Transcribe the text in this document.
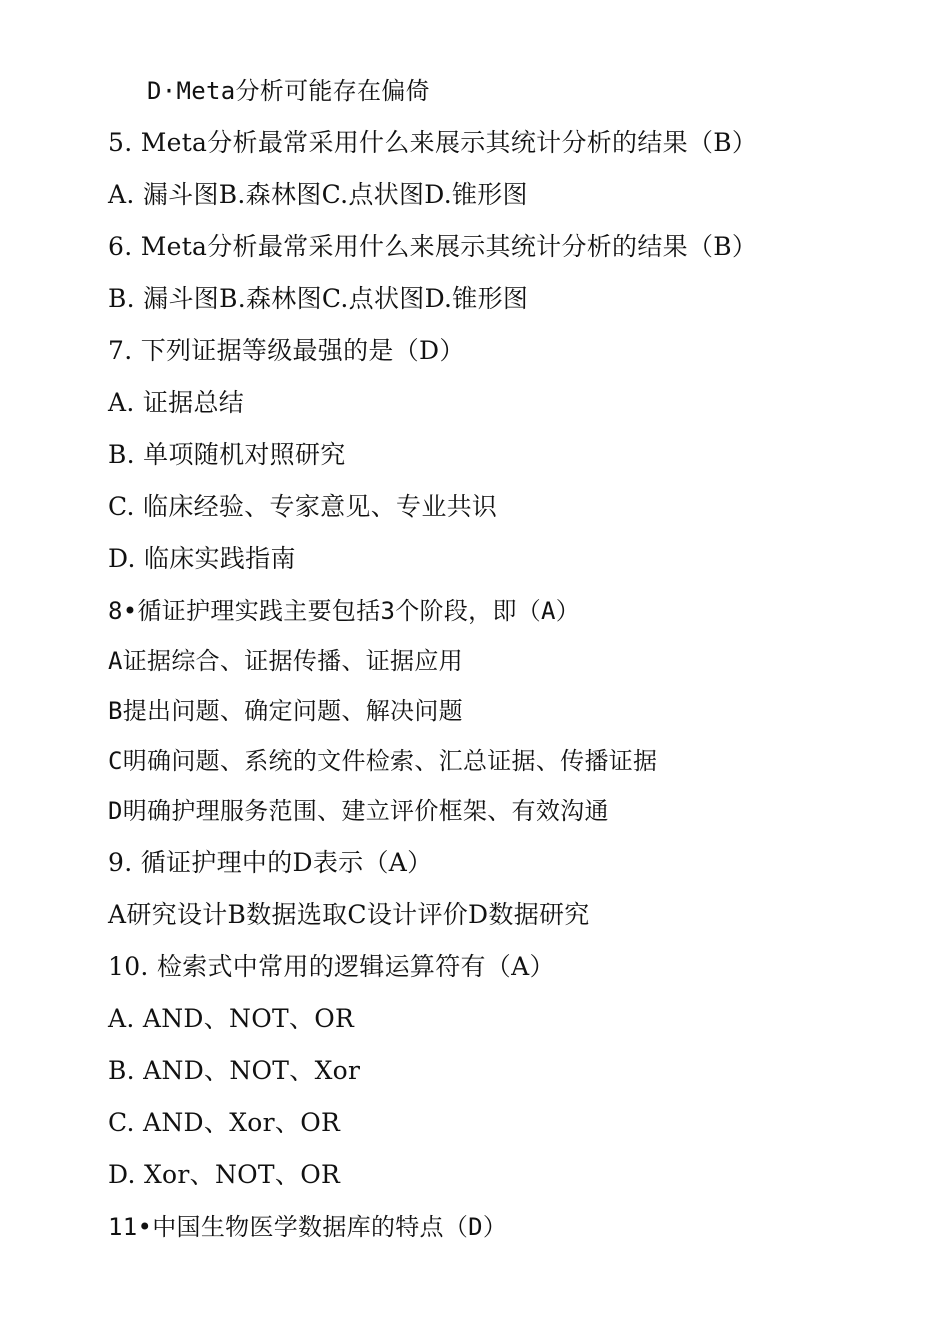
D·Meta分析可能存在偏倚
5. Meta分析最常采用什么来展示其统计分析的结果（B）
A. 漏斗图B.森林图C.点状图D.锥形图
6. Meta分析最常采用什么来展示其统计分析的结果（B）
B. 漏斗图B.森林图C.点状图D.锥形图
7. 下列证据等级最强的是（D）
A. 证据总结
B. 单项随机对照研究
C. 临床经验、专家意见、专业共识
D. 临床实践指南
8•循证护理实践主要包括3个阶段，即（A）
A证据综合、证据传播、证据应用
B提出问题、确定问题、解决问题
C明确问题、系统的文件检索、汇总证据、传播证据
D明确护理服务范围、建立评价框架、有效沟通
9. 循证护理中的D表示（A）
A研究设计B数据选取C设计评价D数据研究
10. 检索式中常用的逻辑运算符有（A）
A. AND、NOT、OR
B. AND、NOT、Xor
C. AND、Xor、OR
D. Xor、NOT、OR
11•中国生物医学数据库的特点（D）
